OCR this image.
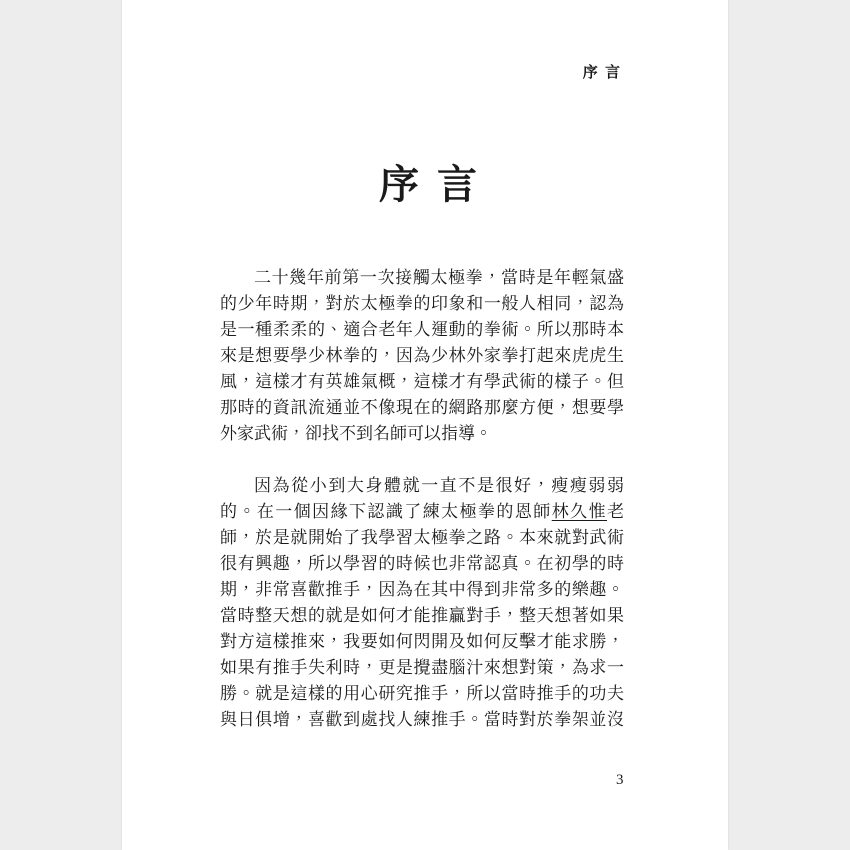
序 言
序 言
二十幾年前第一次接觸太極拳，當時是年輕氣盛
的少年時期，對於太極拳的印象和一般人相同，認為
是一種柔柔的、適合老年人運動的拳術。所以那時本
來是想要學少林拳的，因為少林外家拳打起來虎虎生
風，這樣才有英雄氣概，這樣才有學武術的樣子。但
那時的資訊流通並不像現在的網路那麼方便，想要學
外家武術，卻找不到名師可以指導。
因為從小到大身體就一直不是很好，瘦瘦弱弱
的。在一個因緣下認識了練太極拳的恩師林久惟老
師，於是就開始了我學習太極拳之路。本來就對武術
很有興趣，所以學習的時候也非常認真。在初學的時
期，非常喜歡推手，因為在其中得到非常多的樂趣。
當時整天想的就是如何才能推贏對手，整天想著如果
對方這樣推來，我要如何閃開及如何反擊才能求勝，
如果有推手失利時，更是攪盡腦汁來想對策，為求一
勝。就是這樣的用心研究推手，所以當時推手的功夫
與日俱增，喜歡到處找人練推手。當時對於拳架並沒
3
